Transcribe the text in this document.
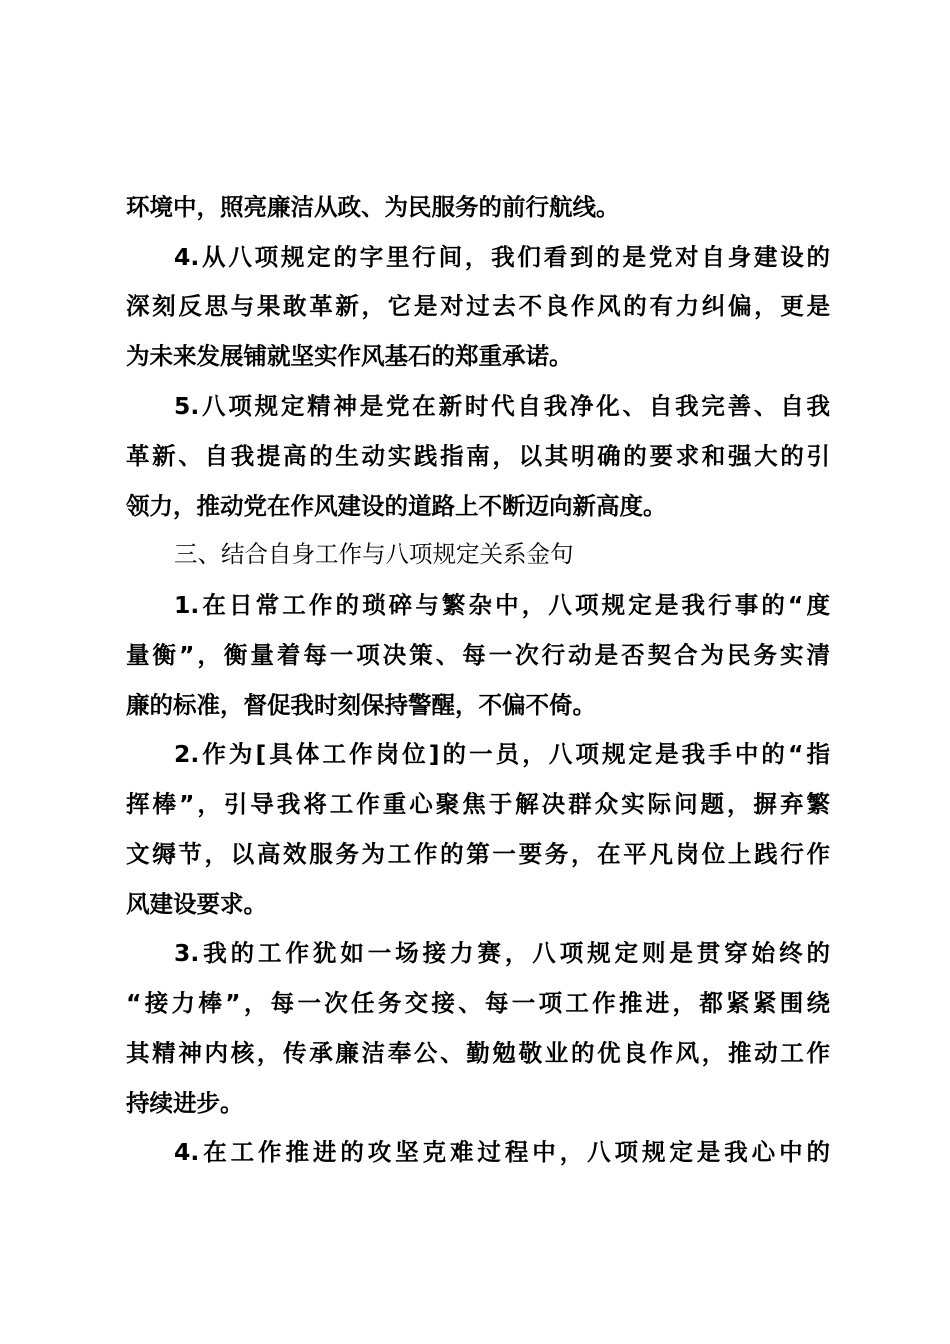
环境中，照亮廉洁从政、为民服务的前行航线。
4.从八项规定的字里行间，我们看到的是党对自身建设的
深刻反思与果敢革新，它是对过去不良作风的有力纠偏，更是
为未来发展铺就坚实作风基石的郑重承诺。
5.八项规定精神是党在新时代自我净化、自我完善、自我
革新、自我提高的生动实践指南，以其明确的要求和强大的引
领力，推动党在作风建设的道路上不断迈向新高度。
三、结合自身工作与八项规定关系金句
1.在日常工作的琐碎与繁杂中，八项规定是我行事的“度
量衡”，衡量着每一项决策、每一次行动是否契合为民务实清
廉的标准，督促我时刻保持警醒，不偏不倚。
2.作为[具体工作岗位]的一员，八项规定是我手中的“指
挥棒”，引导我将工作重心聚焦于解决群众实际问题，摒弃繁
文缛节，以高效服务为工作的第一要务，在平凡岗位上践行作
风建设要求。
3.我的工作犹如一场接力赛，八项规定则是贯穿始终的
“接力棒”，每一次任务交接、每一项工作推进，都紧紧围绕
其精神内核，传承廉洁奉公、勤勉敬业的优良作风，推动工作
持续进步。
4.在工作推进的攻坚克难过程中，八项规定是我心中的
